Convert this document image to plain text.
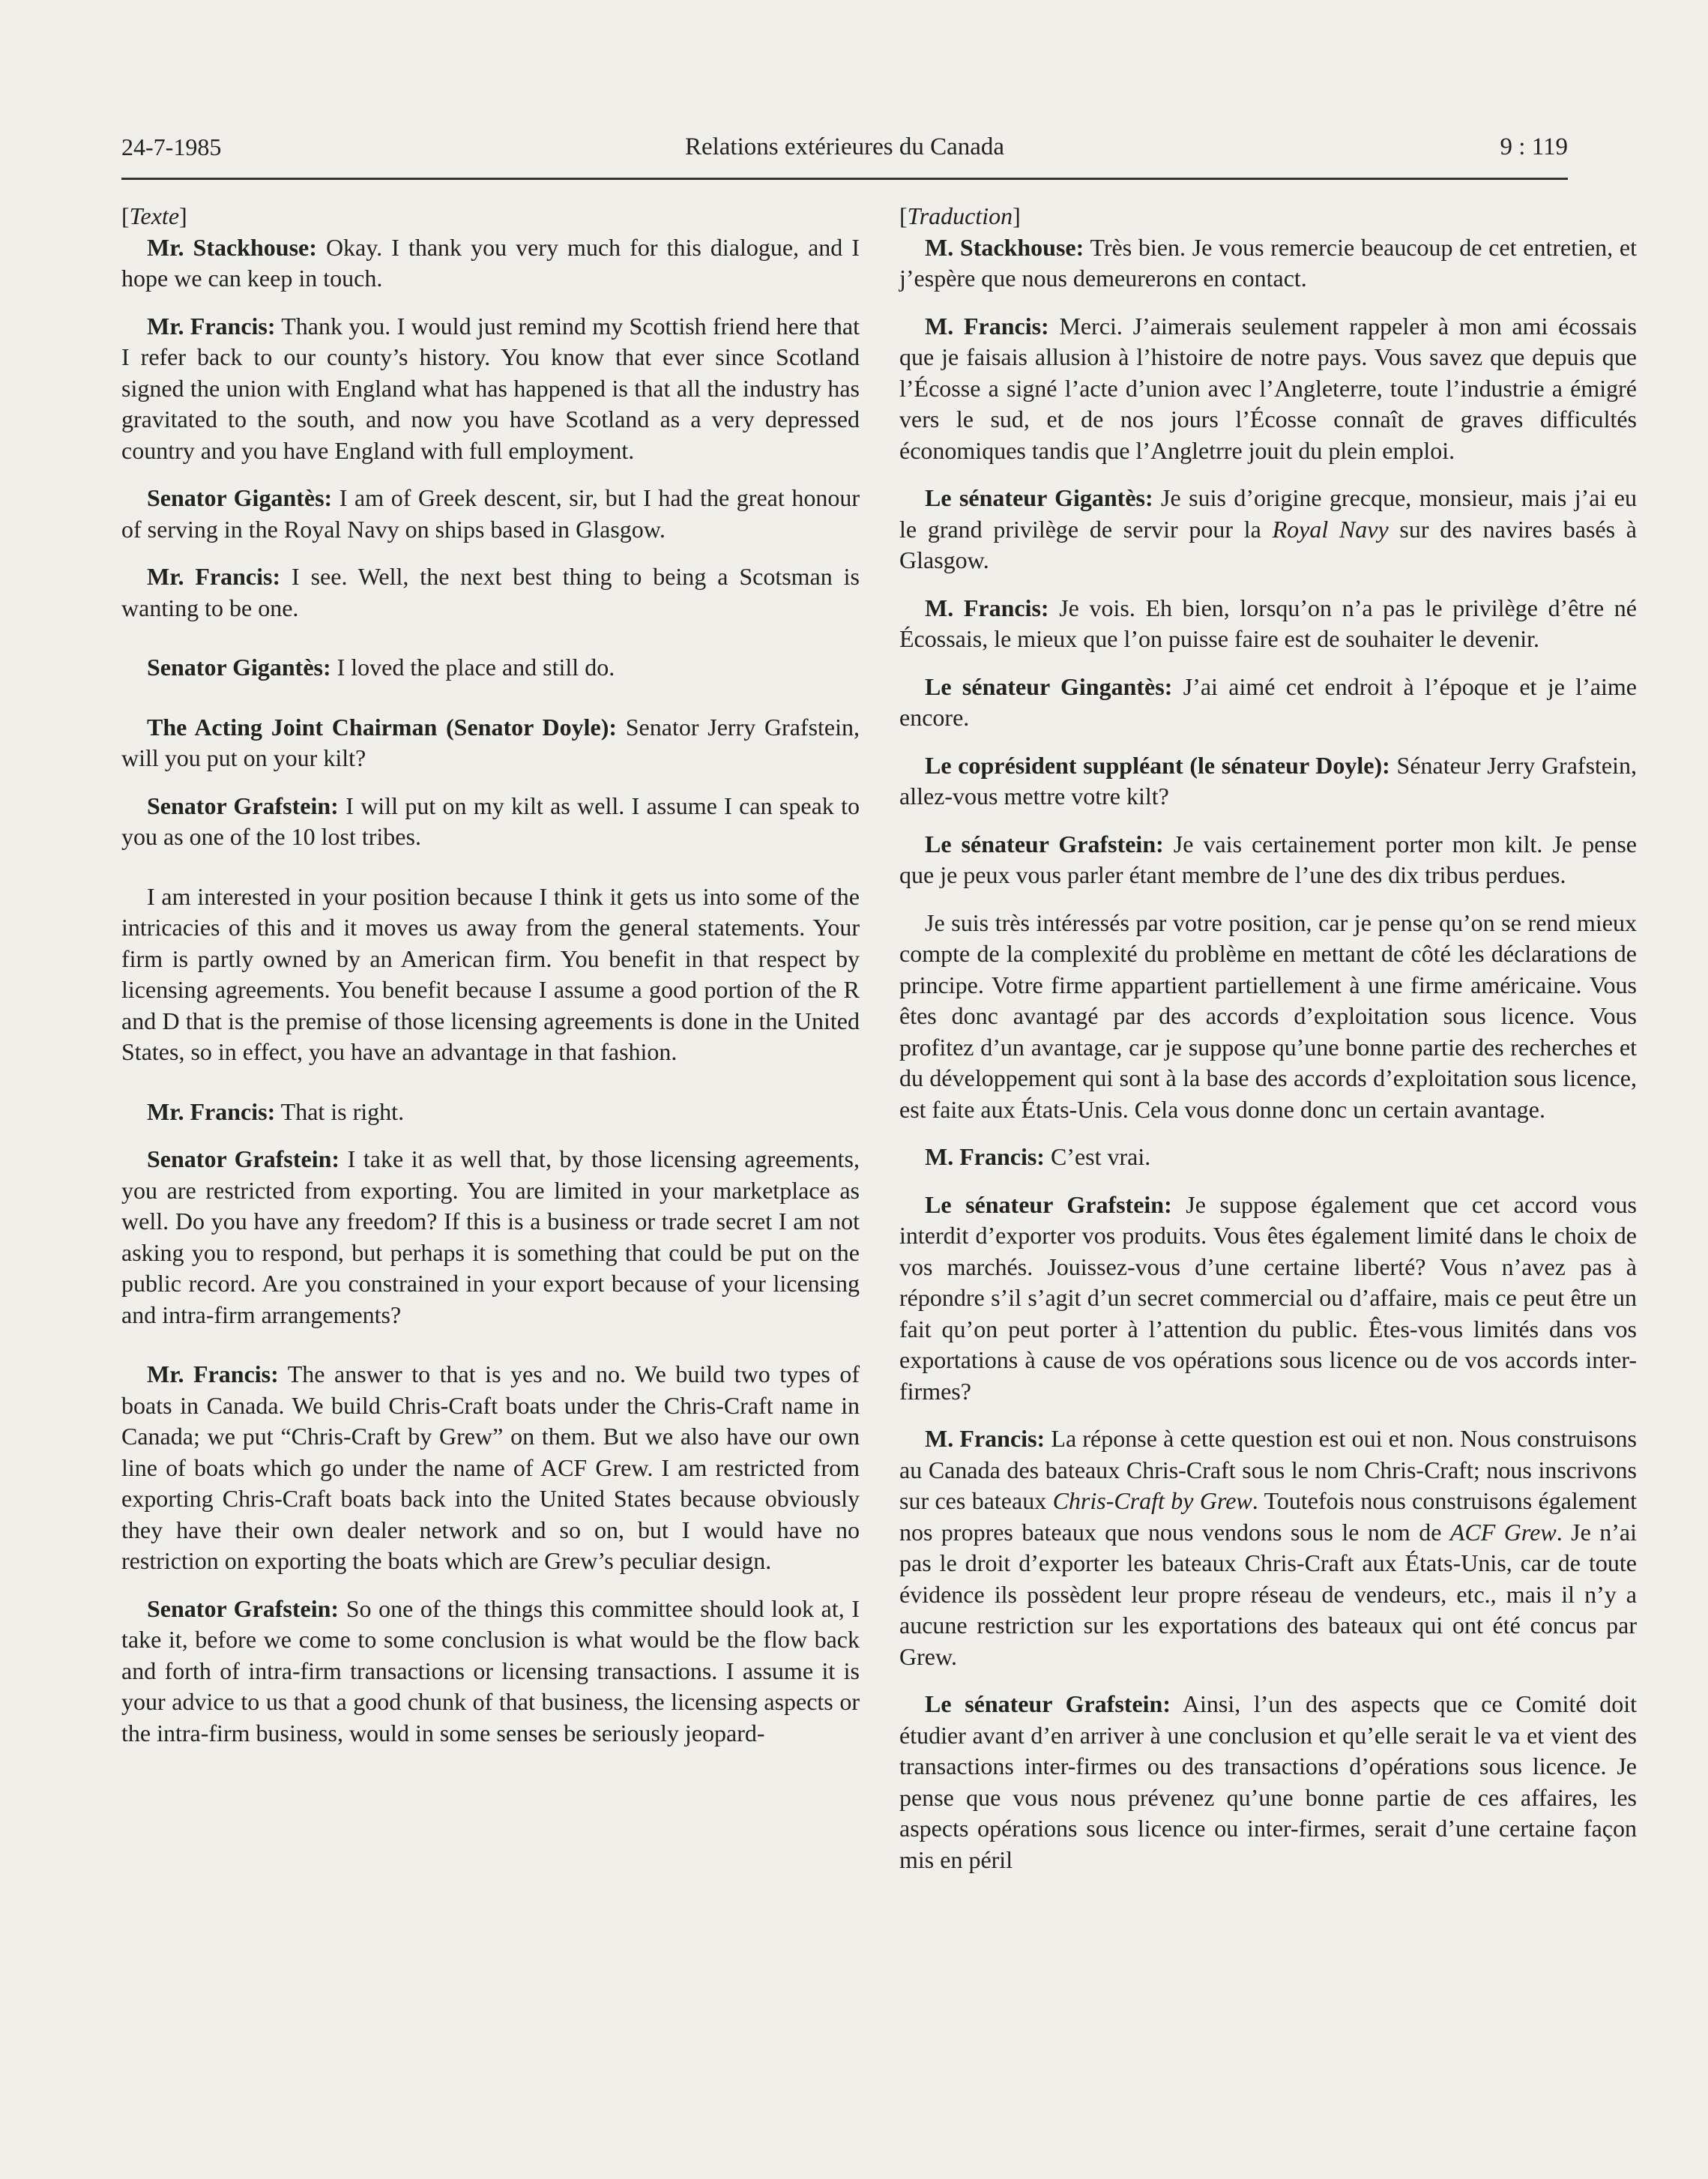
24-7-1985	Relations extérieures du Canada	9 : 119

[Texte]

Mr. Stackhouse: Okay. I thank you very much for this dialogue, and I hope we can keep in touch.

Mr. Francis: Thank you. I would just remind my Scottish friend here that I refer back to our county’s history. You know that ever since Scotland signed the union with England what has happened is that all the industry has gravitated to the south, and now you have Scotland as a very depressed country and you have England with full employment.

Senator Gigantès: I am of Greek descent, sir, but I had the great honour of serving in the Royal Navy on ships based in Glasgow.

Mr. Francis: I see. Well, the next best thing to being a Scotsman is wanting to be one.

Senator Gigantès: I loved the place and still do.

The Acting Joint Chairman (Senator Doyle): Senator Jerry Grafstein, will you put on your kilt?

Senator Grafstein: I will put on my kilt as well. I assume I can speak to you as one of the 10 lost tribes.

I am interested in your position because I think it gets us into some of the intricacies of this and it moves us away from the general statements. Your firm is partly owned by an American firm. You benefit in that respect by licensing agreements. You benefit because I assume a good portion of the R and D that is the premise of those licensing agreements is done in the United States, so in effect, you have an advantage in that fashion.

Mr. Francis: That is right.

Senator Grafstein: I take it as well that, by those licensing agreements, you are restricted from exporting. You are limited in your marketplace as well. Do you have any freedom? If this is a business or trade secret I am not asking you to respond, but perhaps it is something that could be put on the public record. Are you constrained in your export because of your licensing and intra-firm arrangements?

Mr. Francis: The answer to that is yes and no. We build two types of boats in Canada. We build Chris-Craft boats under the Chris-Craft name in Canada; we put “Chris-Craft by Grew” on them. But we also have our own line of boats which go under the name of ACF Grew. I am restricted from exporting Chris-Craft boats back into the United States because obviously they have their own dealer network and so on, but I would have no restriction on exporting the boats which are Grew’s peculiar design.

Senator Grafstein: So one of the things this committee should look at, I take it, before we come to some conclusion is what would be the flow back and forth of intra-firm transactions or licensing transactions. I assume it is your advice to us that a good chunk of that business, the licensing aspects or the intra-firm business, would in some senses be seriously jeopard-

[Traduction]

M. Stackhouse: Très bien. Je vous remercie beaucoup de cet entretien, et j’espère que nous demeurerons en contact.

M. Francis: Merci. J’aimerais seulement rappeler à mon ami écossais que je faisais allusion à l’histoire de notre pays. Vous savez que depuis que l’Écosse a signé l’acte d’union avec l’Angleterre, toute l’industrie a émigré vers le sud, et de nos jours l’Écosse connaît de graves difficultés économiques tandis que l’Angletrre jouit du plein emploi.

Le sénateur Gigantès: Je suis d’origine grecque, monsieur, mais j’ai eu le grand privilège de servir pour la Royal Navy sur des navires basés à Glasgow.

M. Francis: Je vois. Eh bien, lorsqu’on n’a pas le privilège d’être né Écossais, le mieux que l’on puisse faire est de souhaiter le devenir.

Le sénateur Gingantès: J’ai aimé cet endroit à l’époque et je l’aime encore.

Le coprésident suppléant (le sénateur Doyle): Sénateur Jerry Grafstein, allez-vous mettre votre kilt?

Le sénateur Grafstein: Je vais certainement porter mon kilt. Je pense que je peux vous parler étant membre de l’une des dix tribus perdues.

Je suis très intéressés par votre position, car je pense qu’on se rend mieux compte de la complexité du problème en mettant de côté les déclarations de principe. Votre firme appartient partiellement à une firme américaine. Vous êtes donc avantagé par des accords d’exploitation sous licence. Vous profitez d’un avantage, car je suppose qu’une bonne partie des recherches et du développement qui sont à la base des accords d’exploitation sous licence, est faite aux États-Unis. Cela vous donne donc un certain avantage.

M. Francis: C’est vrai.

Le sénateur Grafstein: Je suppose également que cet accord vous interdit d’exporter vos produits. Vous êtes également limité dans le choix de vos marchés. Jouissez-vous d’une certaine liberté? Vous n’avez pas à répondre s’il s’agit d’un secret commercial ou d’affaire, mais ce peut être un fait qu’on peut porter à l’attention du public. Êtes-vous limités dans vos exportations à cause de vos opérations sous licence ou de vos accords inter-firmes?

M. Francis: La réponse à cette question est oui et non. Nous construisons au Canada des bateaux Chris-Craft sous le nom Chris-Craft; nous inscrivons sur ces bateaux Chris-Craft by Grew. Toutefois nous construisons également nos propres bateaux que nous vendons sous le nom de ACF Grew. Je n’ai pas le droit d’exporter les bateaux Chris-Craft aux États-Unis, car de toute évidence ils possèdent leur propre réseau de vendeurs, etc., mais il n’y a aucune restriction sur les exportations des bateaux qui ont été concus par Grew.

Le sénateur Grafstein: Ainsi, l’un des aspects que ce Comité doit étudier avant d’en arriver à une conclusion et qu’elle serait le va et vient des transactions inter-firmes ou des transactions d’opérations sous licence. Je pense que vous nous prévenez qu’une bonne partie de ces affaires, les aspects opérations sous licence ou inter-firmes, serait d’une certaine façon mis en péril
